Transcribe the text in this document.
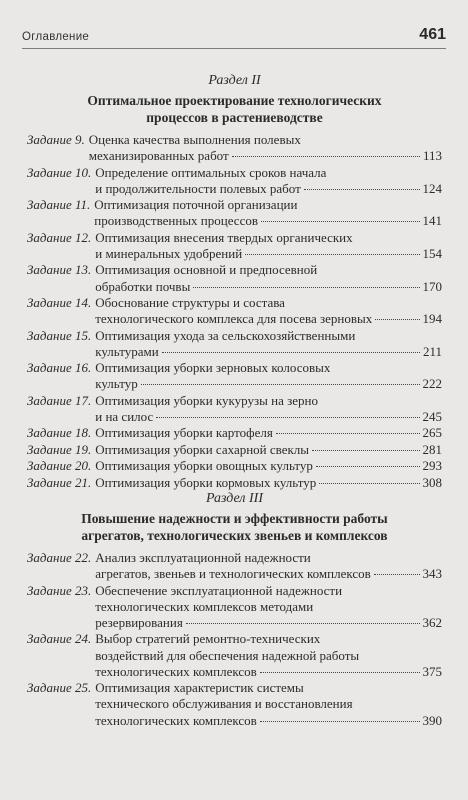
Оглавление	461
Раздел II
Оптимальное проектирование технологических
процессов в растениеводстве
Задание 9. Оценка качества выполнения полевых
механизированных работ	113
Задание 10. Определение оптимальных сроков начала
и продолжительности полевых работ	124
Задание 11. Оптимизация поточной организации
производственных процессов	141
Задание 12. Оптимизация внесения твердых органических
и минеральных удобрений	154
Задание 13. Оптимизация основной и предпосевной
обработки почвы	170
Задание 14. Обоснование структуры и состава
технологического комплекса для посева зерновых	194
Задание 15. Оптимизация ухода за сельскохозяйственными
культурами	211
Задание 16. Оптимизация уборки зерновых колосовых
культур	222
Задание 17. Оптимизация уборки кукурузы на зерно
и на силос	245
Задание 18. Оптимизация уборки картофеля	265
Задание 19. Оптимизация уборки сахарной свеклы	281
Задание 20. Оптимизация уборки овощных культур	293
Задание 21. Оптимизация уборки кормовых культур	308
Раздел III
Повышение надежности и эффективности работы
агрегатов, технологических звеньев и комплексов
Задание 22. Анализ эксплуатационной надежности
агрегатов, звеньев и технологических комплексов	343
Задание 23. Обеспечение эксплуатационной надежности
технологических комплексов методами
резервирования	362
Задание 24. Выбор стратегий ремонтно-технических
воздействий для обеспечения надежной работы
технологических комплексов	375
Задание 25. Оптимизация характеристик системы
технического обслуживания и восстановления
технологических комплексов	390
